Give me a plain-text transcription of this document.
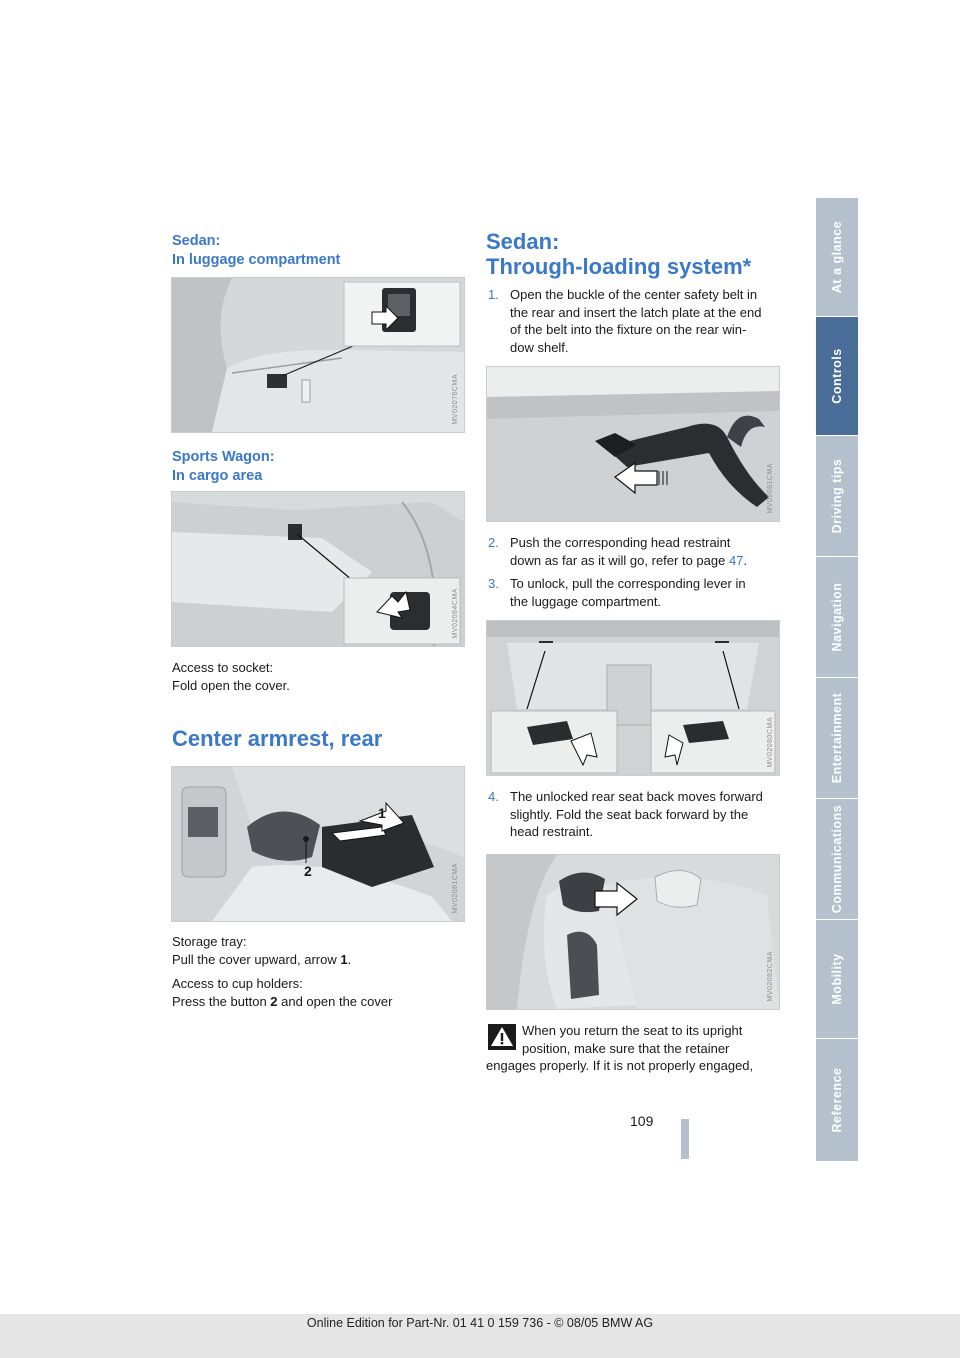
Sedan:
In luggage compartment
MV02076CMA
Sports Wagon:
In cargo area
MV02084CMA
Access to socket:
Fold open the cover.
Center armrest, rear
1
2	MV02081CMA
Storage tray:
Pull the cover upward, arrow 1.
Access to cup holders:
Press the button 2 and open the cover
Sedan:
Through-loading system*
1. Open the buckle of the center safety belt in
the rear and insert the latch plate at the end
of the belt into the fixture on the rear win-
dow shelf.
MV02081CMA
2. Push the corresponding head restraint
down as far as it will go, refer to page 47.
3. To unlock, pull the corresponding lever in
the luggage compartment.
MV02080CMA
4. The unlocked rear seat back moves forward
slightly. Fold the seat back forward by the
head restraint.
MV02082CMA
When you return the seat to its upright
position, make sure that the retainer
engages properly. If it is not properly engaged,
109
At a glance
Controls
Driving tips
Navigation
Entertainment
Communications
Mobility
Reference
Online Edition for Part-Nr. 01 41 0 159 736 - © 08/05 BMW AG
